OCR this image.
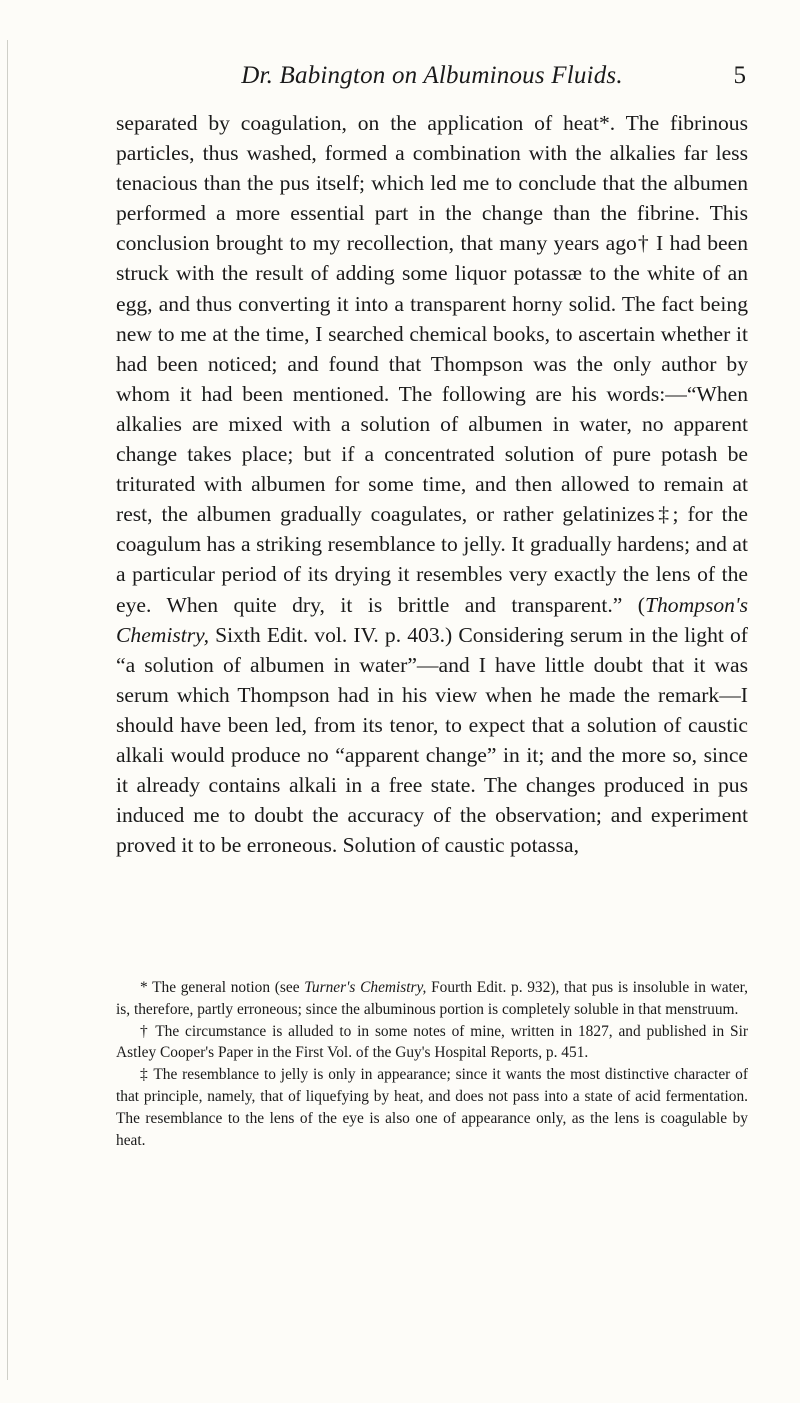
Dr. Babington on Albuminous Fluids.	5

separated by coagulation, on the application of heat*. The fibrinous particles, thus washed, formed a combination with the alkalies far less tenacious than the pus itself; which led me to conclude that the albumen performed a more essential part in the change than the fibrine. This conclusion brought to my recollection, that many years ago† I had been struck with the result of adding some liquor potassæ to the white of an egg, and thus converting it into a transparent horny solid. The fact being new to me at the time, I searched chemical books, to ascertain whether it had been noticed; and found that Thompson was the only author by whom it had been mentioned. The following are his words:—“When alkalies are mixed with a solution of albumen in water, no apparent change takes place; but if a concentrated solution of pure potash be triturated with albumen for some time, and then allowed to remain at rest, the albumen gradually coagulates, or rather gelatinizes‡; for the coagulum has a striking resemblance to jelly. It gradually hardens; and at a particular period of its drying it resembles very exactly the lens of the eye. When quite dry, it is brittle and transparent.” (Thompson's Chemistry, Sixth Edit. vol. IV. p. 403.) Considering serum in the light of “a solution of albumen in water”—and I have little doubt that it was serum which Thompson had in his view when he made the remark—I should have been led, from its tenor, to expect that a solution of caustic alkali would produce no “apparent change” in it; and the more so, since it already contains alkali in a free state. The changes produced in pus induced me to doubt the accuracy of the observation; and experiment proved it to be erroneous. Solution of caustic potassa,

* The general notion (see Turner's Chemistry, Fourth Edit. p. 932), that pus is insoluble in water, is, therefore, partly erroneous; since the albuminous portion is completely soluble in that menstruum.

† The circumstance is alluded to in some notes of mine, written in 1827, and published in Sir Astley Cooper's Paper in the First Vol. of the Guy's Hospital Reports, p. 451.

‡ The resemblance to jelly is only in appearance; since it wants the most distinctive character of that principle, namely, that of liquefying by heat, and does not pass into a state of acid fermentation. The resemblance to the lens of the eye is also one of appearance only, as the lens is coagulable by heat.
